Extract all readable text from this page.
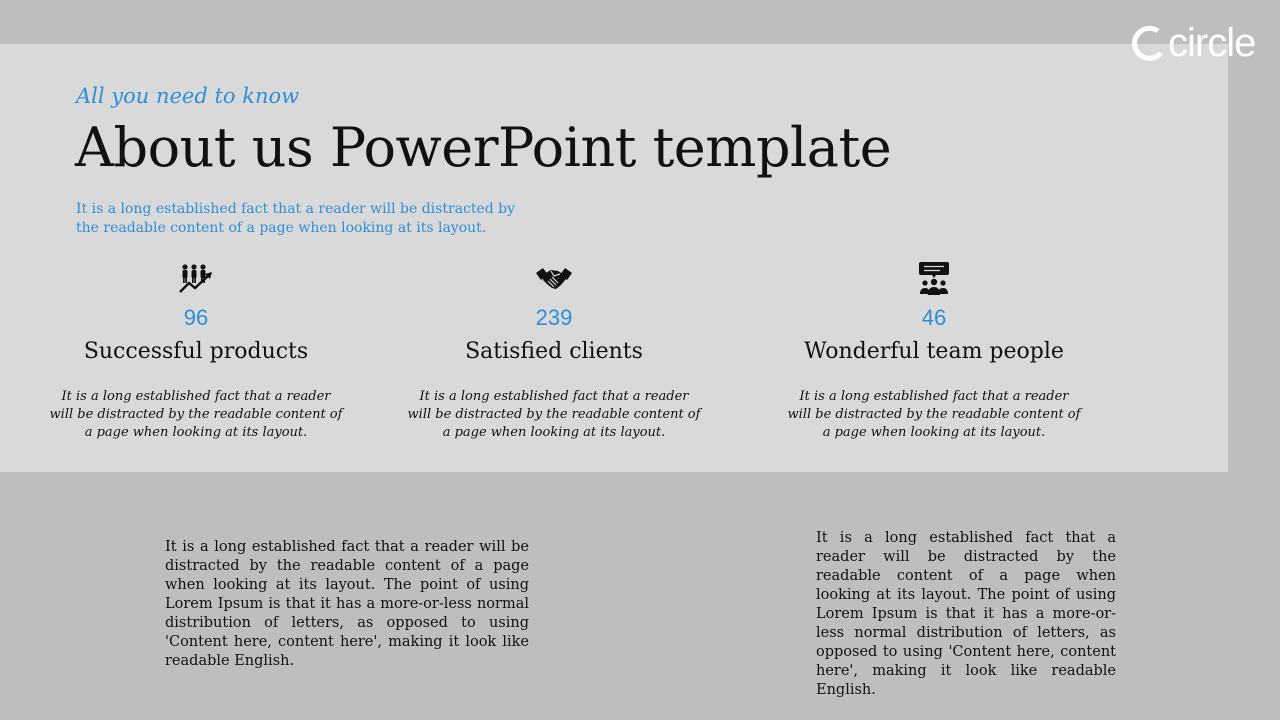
circle
All you need to know
About us PowerPoint template

It is a long established fact that a reader will be distracted by the readable content of a page when looking at its layout.

96
Successful products
It is a long established fact that a reader will be distracted by the readable content of a page when looking at its layout.
239
Satisfied clients
It is a long established fact that a reader will be distracted by the readable content of a page when looking at its layout.
46
Wonderful team people
It is a long established fact that a reader will be distracted by the readable content of a page when looking at its layout.

It is a long established fact that a reader will be distracted by the readable content of a page when looking at its layout. The point of using Lorem Ipsum is that it has a more-or-less normal distribution of letters, as opposed to using 'Content here, content here', making it look like readable English.

It is a long established fact that a reader will be distracted by the readable content of a page when looking at its layout. The point of using Lorem Ipsum is that it has a more-or-less normal distribution of letters, as opposed to using 'Content here, content here', making it look like readable English.
